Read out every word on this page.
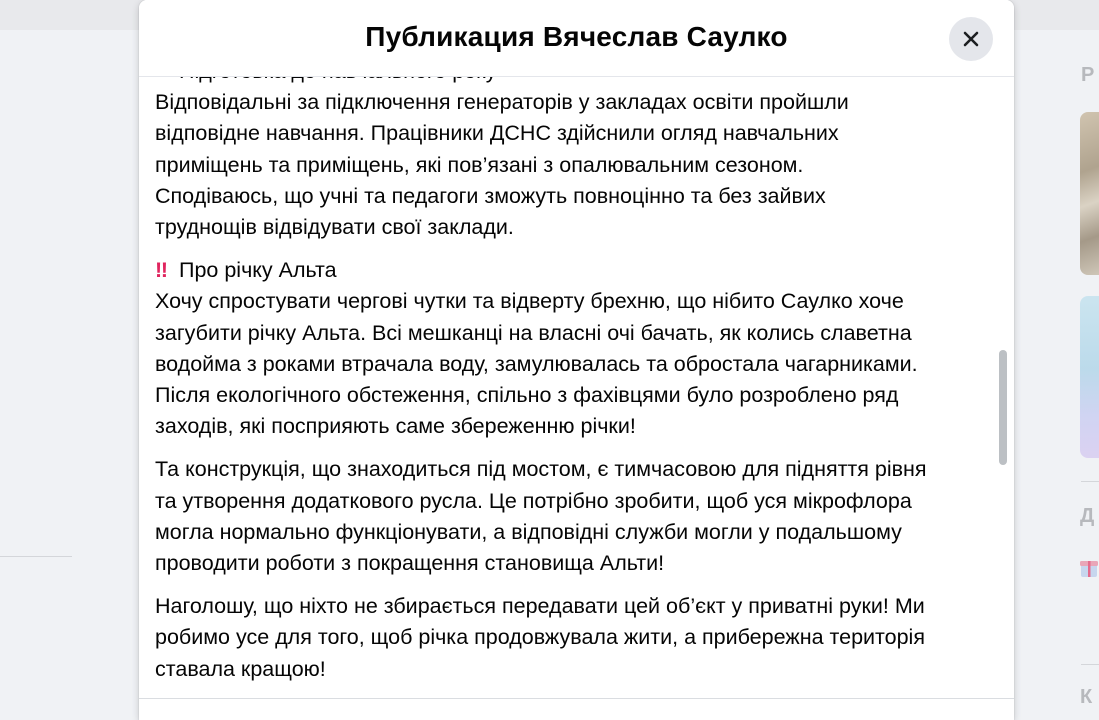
Р
Д
К
Публикация Вячеслав Саулко

Відповідальні за підключення генераторів у закладах освіти пройшли
відповідне навчання. Працівники ДСНС здійснили огляд навчальних
приміщень та приміщень, які пов’язані з опалювальним сезоном.
Сподіваюсь, що учні та педагоги зможуть повноцінно та без зайвих
труднощів відвідувати свої заклади.

‼ Про річку Альта
Хочу спростувати чергові чутки та відверту брехню, що нібито Саулко хоче
загубити річку Альта. Всі мешканці на власні очі бачать, як колись славетна
водойма з роками втрачала воду, замулювалась та обростала чагарниками.
Після екологічного обстеження, спільно з фахівцями було розроблено ряд
заходів, які посприяють саме збереженню річки!

Та конструкція, що знаходиться під мостом, є тимчасовою для підняття рівня
та утворення додаткового русла. Це потрібно зробити, щоб уся мікрофлора
могла нормально функціонувати, а відповідні служби могли у подальшому
проводити роботи з покращення становища Альти!

Наголошу, що ніхто не збирається передавати цей об’єкт у приватні руки! Ми
робимо усе для того, щоб річка продовжувала жити, а прибережна територія
ставала кращою!
